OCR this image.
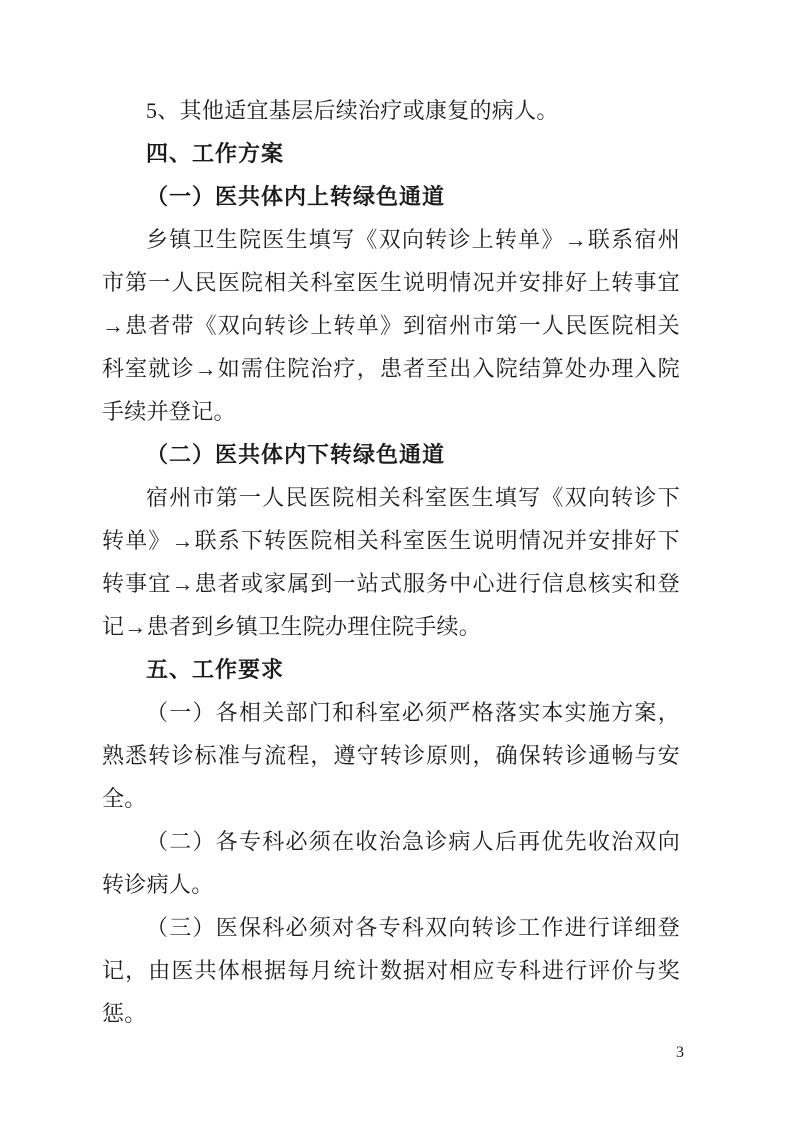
5、其他适宜基层后续治疗或康复的病人。

四、工作方案

（一）医共体内上转绿色通道

乡镇卫生院医生填写《双向转诊上转单》→联系宿州市第一人民医院相关科室医生说明情况并安排好上转事宜→患者带《双向转诊上转单》到宿州市第一人民医院相关科室就诊→如需住院治疗，患者至出入院结算处办理入院手续并登记。

（二）医共体内下转绿色通道

宿州市第一人民医院相关科室医生填写《双向转诊下转单》→联系下转医院相关科室医生说明情况并安排好下转事宜→患者或家属到一站式服务中心进行信息核实和登记→患者到乡镇卫生院办理住院手续。

五、工作要求

（一）各相关部门和科室必须严格落实本实施方案，熟悉转诊标准与流程，遵守转诊原则，确保转诊通畅与安全。

（二）各专科必须在收治急诊病人后再优先收治双向转诊病人。

（三）医保科必须对各专科双向转诊工作进行详细登记，由医共体根据每月统计数据对相应专科进行评价与奖惩。

3
